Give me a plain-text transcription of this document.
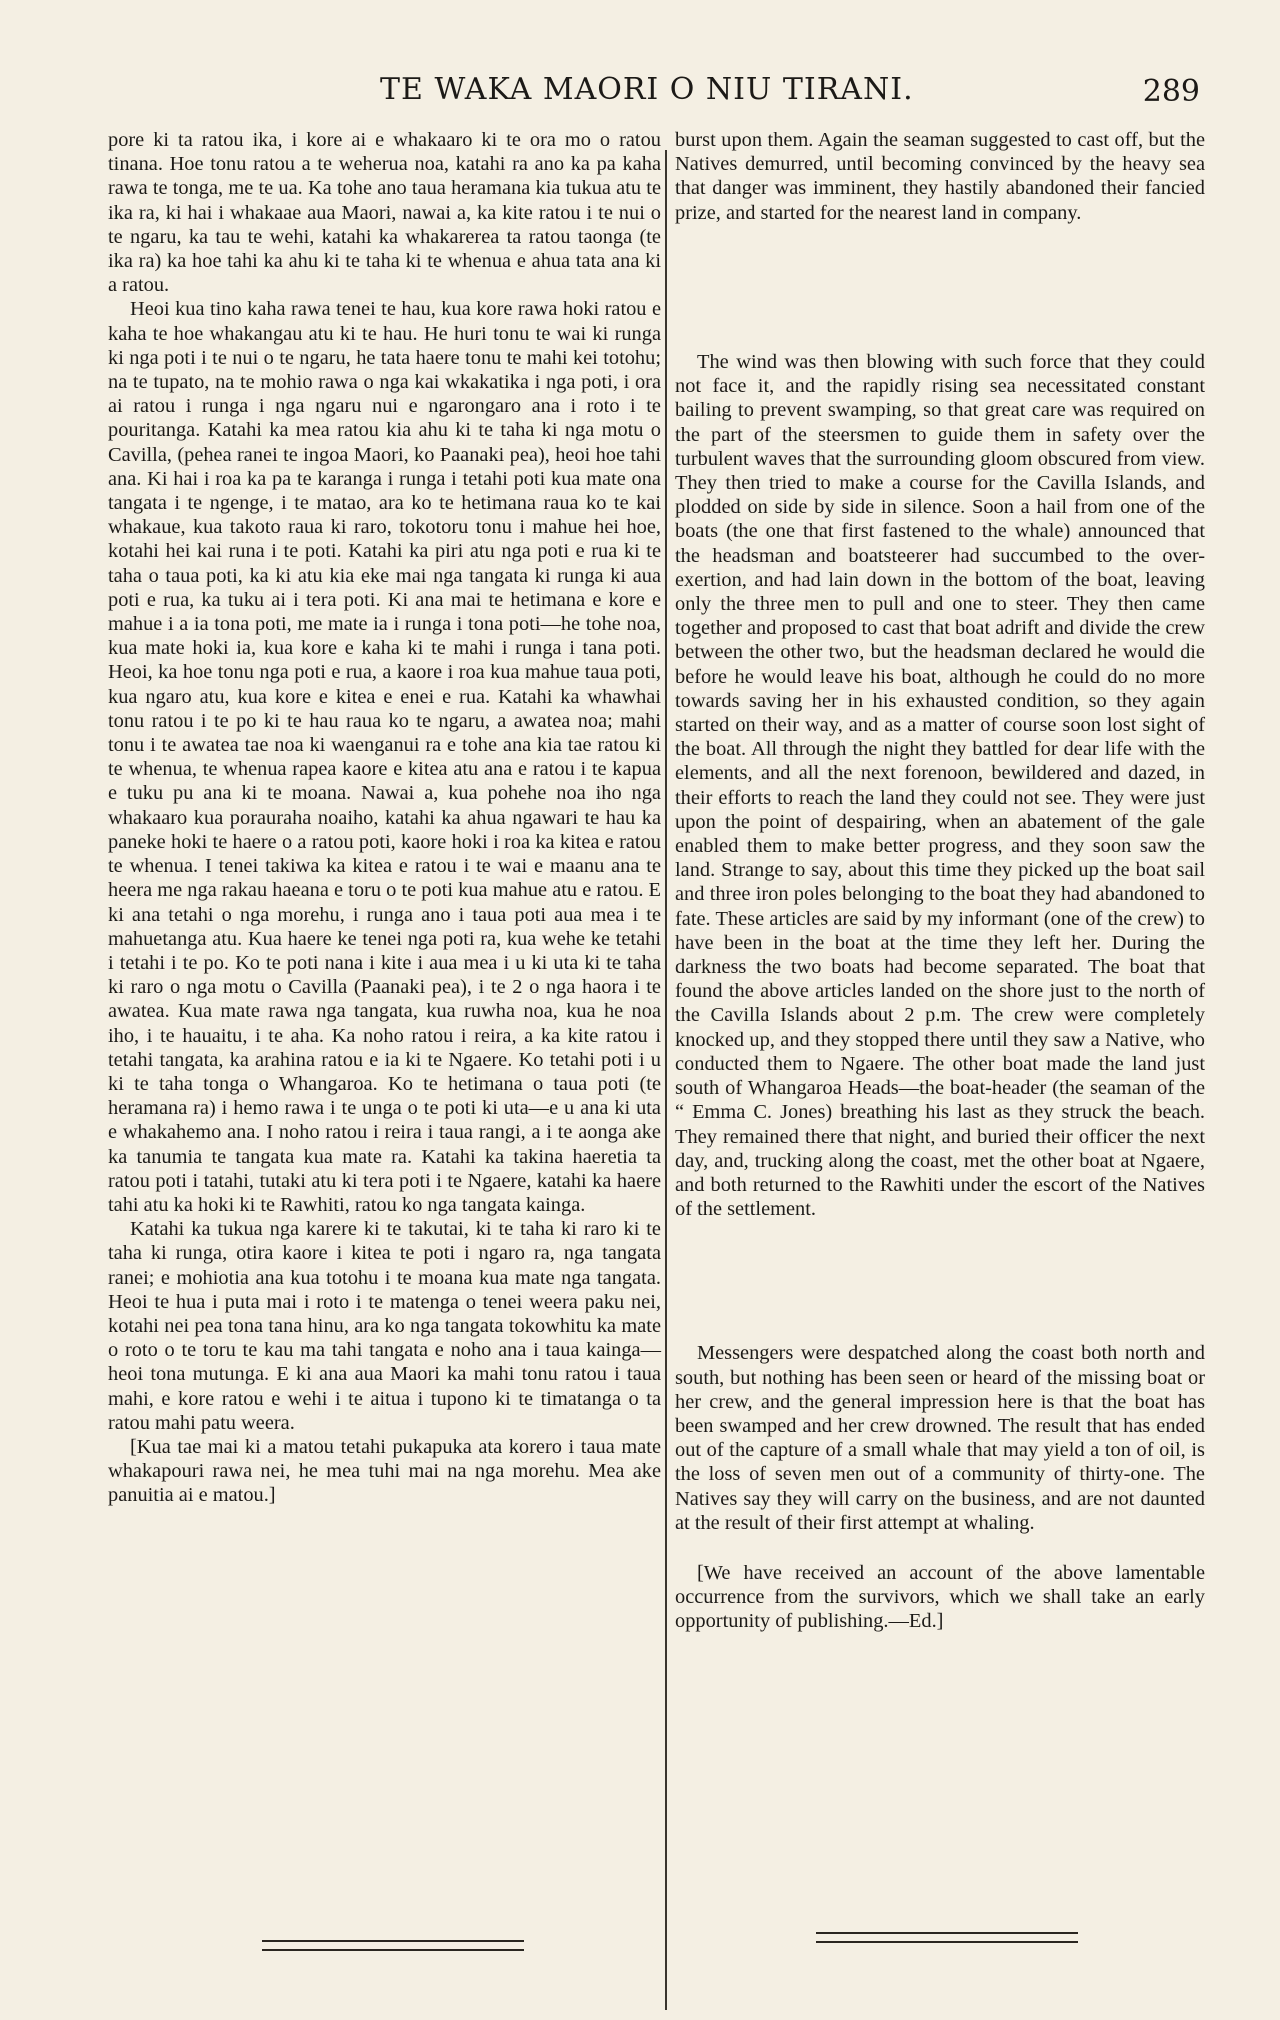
TE WAKA MAORI O NIU TIRANI.	289

pore ki ta ratou ika, i kore ai e whakaaro ki te ora mo o ratou tinana. Hoe tonu ratou a te weherua noa, katahi ra ano ka pa kaha rawa te tonga, me te ua. Ka tohe ano taua heramana kia tukua atu te ika ra, ki hai i whakaae aua Maori, nawai a, ka kite ratou i te nui o te ngaru, ka tau te wehi, katahi ka whakarerea ta ratou taonga (te ika ra) ka hoe tahi ka ahu ki te taha ki te whenua e ahua tata ana ki a ratou.

Heoi kua tino kaha rawa tenei te hau, kua kore rawa hoki ratou e kaha te hoe whakangau atu ki te hau. He huri tonu te wai ki runga ki nga poti i te nui o te ngaru, he tata haere tonu te mahi kei totohu; na te tupato, na te mohio rawa o nga kai wkakatika i nga poti, i ora ai ratou i runga i nga ngaru nui e ngarongaro ana i roto i te pouritanga. Katahi ka mea ratou kia ahu ki te taha ki nga motu o Cavilla, (pehea ranei te ingoa Maori, ko Paanaki pea), heoi hoe tahi ana. Ki hai i roa ka pa te karanga i runga i tetahi poti kua mate ona tangata i te ngenge, i te matao, ara ko te hetimana raua ko te kai whakaue, kua takoto raua ki raro, tokotoru tonu i mahue hei hoe, kotahi hei kai runa i te poti. Katahi ka piri atu nga poti e rua ki te taha o taua poti, ka ki atu kia eke mai nga tangata ki runga ki aua poti e rua, ka tuku ai i tera poti. Ki ana mai te hetimana e kore e mahue i a ia tona poti, me mate ia i runga i tona poti—he tohe noa, kua mate hoki ia, kua kore e kaha ki te mahi i runga i tana poti. Heoi, ka hoe tonu nga poti e rua, a kaore i roa kua mahue taua poti, kua ngaro atu, kua kore e kitea e enei e rua. Katahi ka whawhai tonu ratou i te po ki te hau raua ko te ngaru, a awatea noa; mahi tonu i te awatea tae noa ki waenganui ra e tohe ana kia tae ratou ki te whenua, te whenua rapea kaore e kitea atu ana e ratou i te kapua e tuku pu ana ki te moana. Nawai a, kua pohehe noa iho nga whakaaro kua porauraha noaiho, katahi ka ahua ngawari te hau ka paneke hoki te haere o a ratou poti, kaore hoki i roa ka kitea e ratou te whenua. I tenei takiwa ka kitea e ratou i te wai e maanu ana te heera me nga rakau haeana e toru o te poti kua mahue atu e ratou. E ki ana tetahi o nga morehu, i runga ano i taua poti aua mea i te mahuetanga atu. Kua haere ke tenei nga poti ra, kua wehe ke tetahi i tetahi i te po. Ko te poti nana i kite i aua mea i u ki uta ki te taha ki raro o nga motu o Cavilla (Paanaki pea), i te 2 o nga haora i te awatea. Kua mate rawa nga tangata, kua ruwha noa, kua he noa iho, i te hauaitu, i te aha. Ka noho ratou i reira, a ka kite ratou i tetahi tangata, ka arahina ratou e ia ki te Ngaere. Ko tetahi poti i u ki te taha tonga o Whangaroa. Ko te hetimana o taua poti (te heramana ra) i hemo rawa i te unga o te poti ki uta—e u ana ki uta e whakahemo ana. I noho ratou i reira i taua rangi, a i te aonga ake ka tanumia te tangata kua mate ra. Katahi ka takina haeretia ta ratou poti i tatahi, tutaki atu ki tera poti i te Ngaere, katahi ka haere tahi atu ka hoki ki te Rawhiti, ratou ko nga tangata kainga.

Katahi ka tukua nga karere ki te takutai, ki te taha ki raro ki te taha ki runga, otira kaore i kitea te poti i ngaro ra, nga tangata ranei; e mohiotia ana kua totohu i te moana kua mate nga tangata. Heoi te hua i puta mai i roto i te matenga o tenei weera paku nei, kotahi nei pea tona tana hinu, ara ko nga tangata tokowhitu ka mate o roto o te toru te kau ma tahi tangata e noho ana i taua kainga—heoi tona mutunga. E ki ana aua Maori ka mahi tonu ratou i taua mahi, e kore ratou e wehi i te aitua i tupono ki te timatanga o ta ratou mahi patu weera.

[Kua tae mai ki a matou tetahi pukapuka ata korero i taua mate whakapouri rawa nei, he mea tuhi mai na nga morehu. Mea ake panuitia ai e matou.]

burst upon them. Again the seaman suggested to cast off, but the Natives demurred, until becoming convinced by the heavy sea that danger was imminent, they hastily abandoned their fancied prize, and started for the nearest land in company.

The wind was then blowing with such force that they could not face it, and the rapidly rising sea necessitated constant bailing to prevent swamping, so that great care was required on the part of the steersmen to guide them in safety over the turbulent waves that the surrounding gloom obscured from view. They then tried to make a course for the Cavilla Islands, and plodded on side by side in silence. Soon a hail from one of the boats (the one that first fastened to the whale) announced that the headsman and boatsteerer had succumbed to the over-exertion, and had lain down in the bottom of the boat, leaving only the three men to pull and one to steer. They then came together and proposed to cast that boat adrift and divide the crew between the other two, but the headsman declared he would die before he would leave his boat, although he could do no more towards saving her in his exhausted condition, so they again started on their way, and as a matter of course soon lost sight of the boat. All through the night they battled for dear life with the elements, and all the next forenoon, bewildered and dazed, in their efforts to reach the land they could not see. They were just upon the point of despairing, when an abatement of the gale enabled them to make better progress, and they soon saw the land. Strange to say, about this time they picked up the boat sail and three iron poles belonging to the boat they had abandoned to fate. These articles are said by my informant (one of the crew) to have been in the boat at the time they left her. During the darkness the two boats had become separated. The boat that found the above articles landed on the shore just to the north of the Cavilla Islands about 2 p.m. The crew were completely knocked up, and they stopped there until they saw a Native, who conducted them to Ngaere. The other boat made the land just south of Whangaroa Heads—the boat-header (the seaman of the “ Emma C. Jones) breathing his last as they struck the beach. They remained there that night, and buried their officer the next day, and, trucking along the coast, met the other boat at Ngaere, and both returned to the Rawhiti under the escort of the Natives of the settlement.

Messengers were despatched along the coast both north and south, but nothing has been seen or heard of the missing boat or her crew, and the general impression here is that the boat has been swamped and her crew drowned. The result that has ended out of the capture of a small whale that may yield a ton of oil, is the loss of seven men out of a community of thirty-one. The Natives say they will carry on the business, and are not daunted at the result of their first attempt at whaling.

[We have received an account of the above lamentable occurrence from the survivors, which we shall take an early opportunity of publishing.—Ed.]
